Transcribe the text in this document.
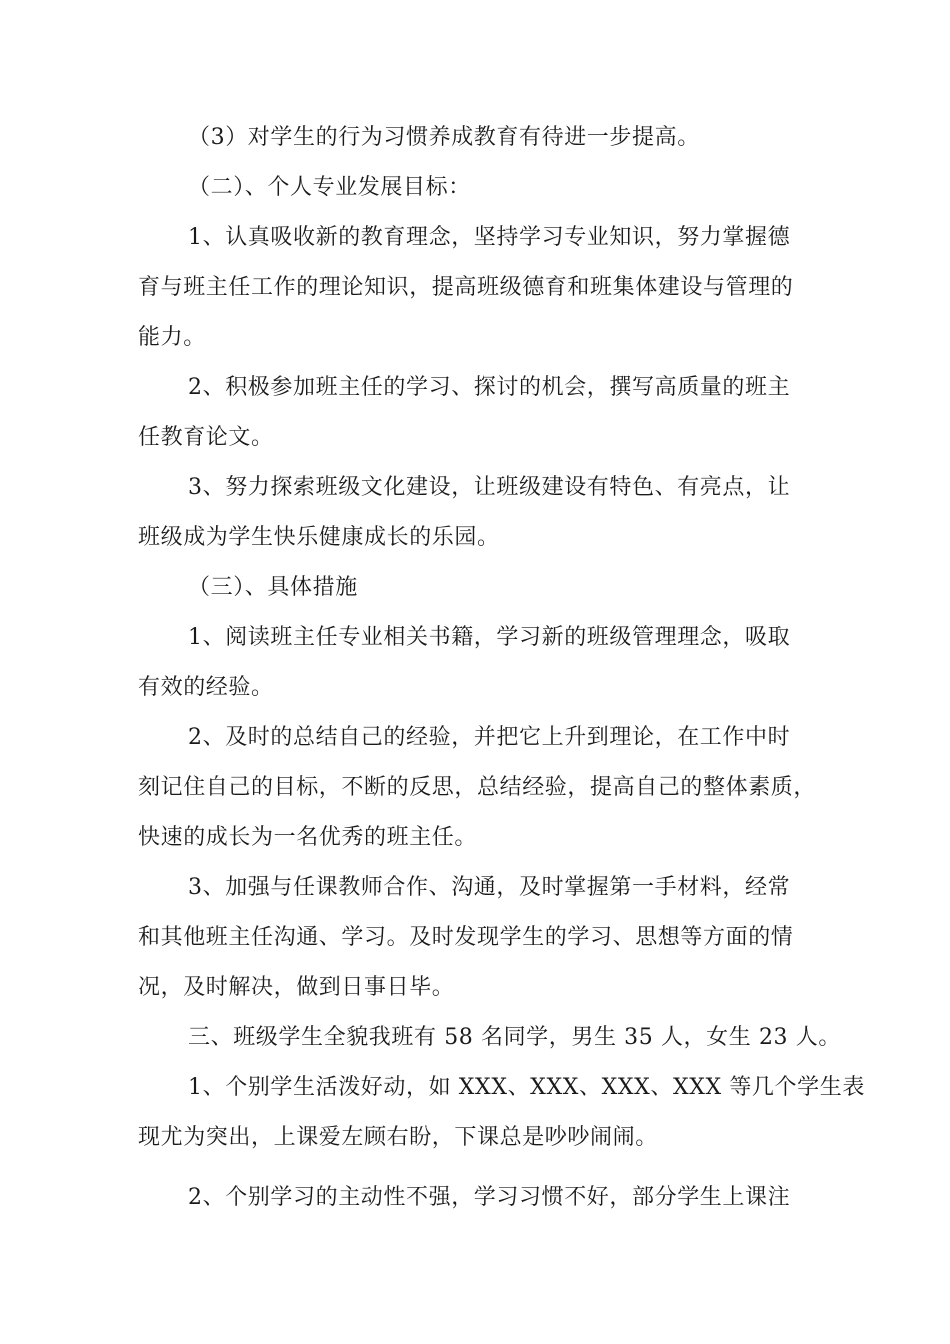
（3）对学生的行为习惯养成教育有待进一步提高。
（二）、个人专业发展目标：
1、认真吸收新的教育理念，坚持学习专业知识，努力掌握德
育与班主任工作的理论知识，提高班级德育和班集体建设与管理的
能力。
2、积极参加班主任的学习、探讨的机会，撰写高质量的班主
任教育论文。
3、努力探索班级文化建设，让班级建设有特色、有亮点，让
班级成为学生快乐健康成长的乐园。
（三）、具体措施
1、阅读班主任专业相关书籍，学习新的班级管理理念，吸取
有效的经验。
2、及时的总结自己的经验，并把它上升到理论，在工作中时
刻记住自己的目标，不断的反思，总结经验，提高自己的整体素质，
快速的成长为一名优秀的班主任。
3、加强与任课教师合作、沟通，及时掌握第一手材料，经常
和其他班主任沟通、学习。及时发现学生的学习、思想等方面的情
况，及时解决，做到日事日毕。
三、班级学生全貌我班有 58 名同学，男生 35 人，女生 23 人。
1、个别学生活泼好动，如 XXX、XXX、XXX、XXX 等几个学生表
现尤为突出，上课爱左顾右盼，下课总是吵吵闹闹。
2、个别学习的主动性不强，学习习惯不好，部分学生上课注
